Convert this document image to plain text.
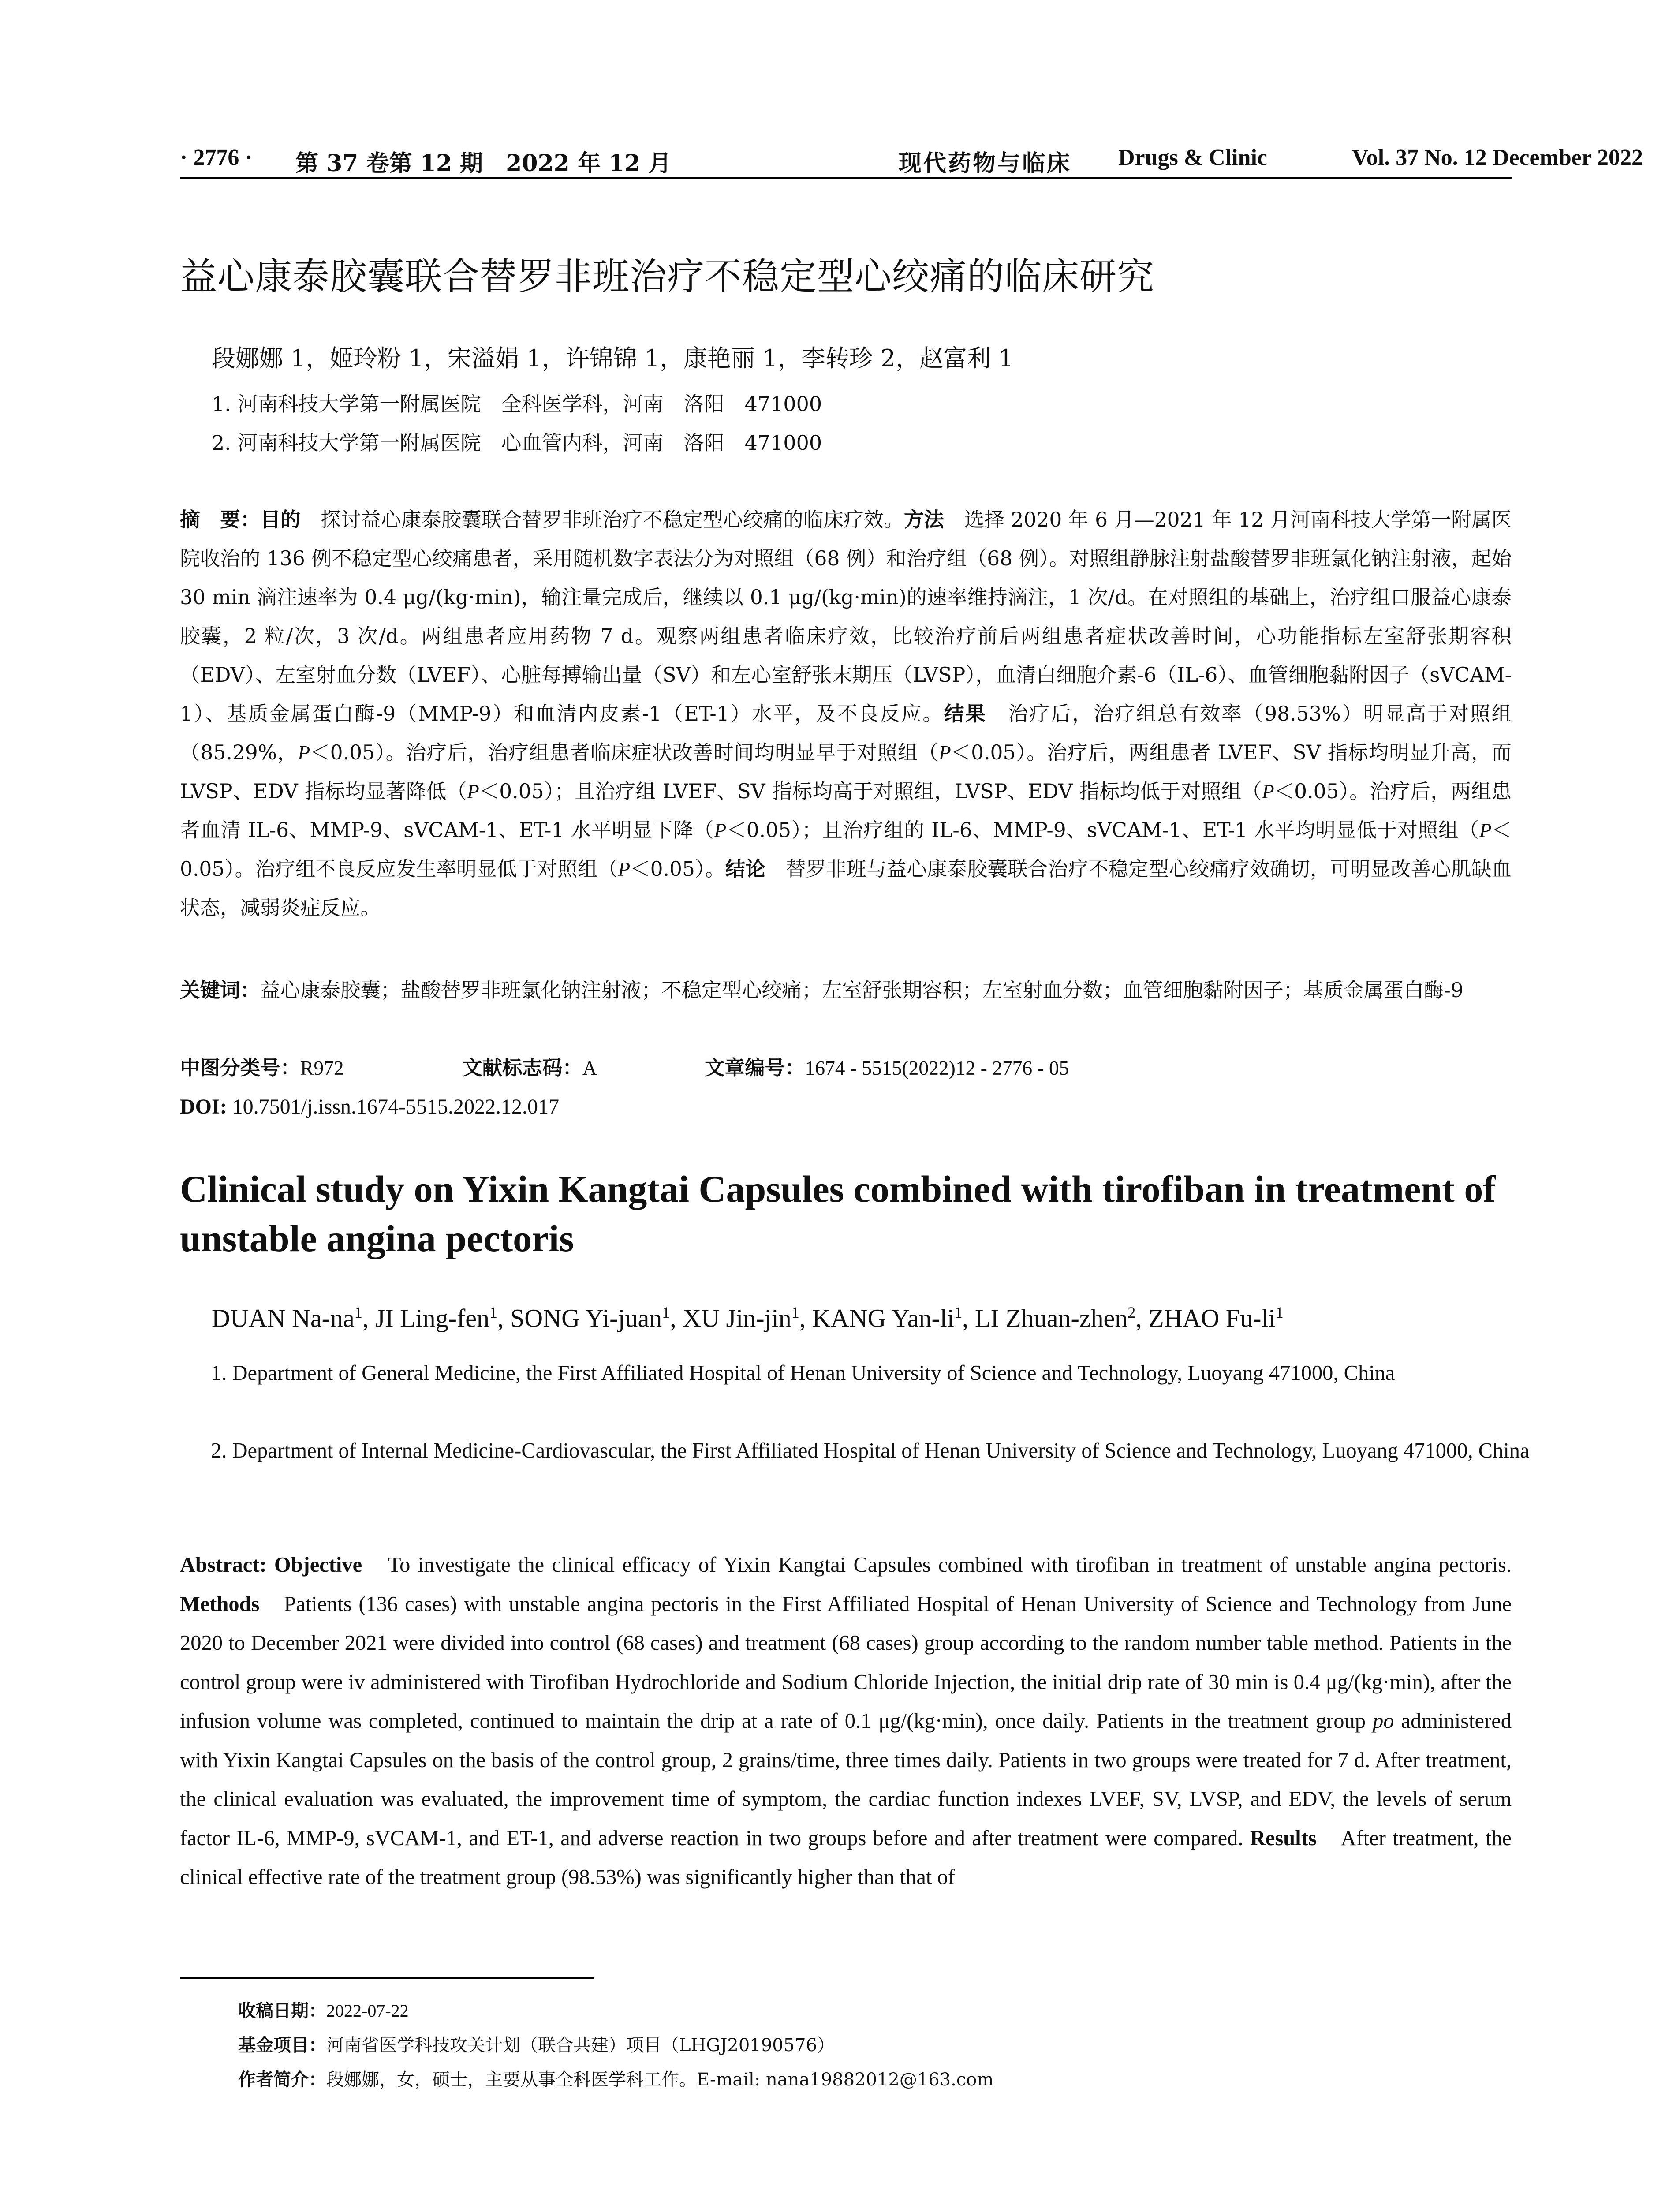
· 2776 · 第 37 卷第 12 期　2022 年 12 月	现代药物与临床 Drugs & Clinic	Vol. 37 No. 12 December 2022
益心康泰胶囊联合替罗非班治疗不稳定型心绞痛的临床研究
段娜娜 1，姬玲粉 1，宋溢娟 1，许锦锦 1，康艳丽 1，李转珍 2，赵富利 1
1. 河南科技大学第一附属医院　全科医学科，河南　洛阳　471000
2. 河南科技大学第一附属医院　心血管内科，河南　洛阳　471000
摘　要：目的　探讨益心康泰胶囊联合替罗非班治疗不稳定型心绞痛的临床疗效。方法　选择 2020 年 6 月—2021 年 12 月河南科技大学第一附属医院收治的 136 例不稳定型心绞痛患者，采用随机数字表法分为对照组（68 例）和治疗组（68 例）。对照组静脉注射盐酸替罗非班氯化钠注射液，起始 30 min 滴注速率为 0.4 μg/(kg·min)，输注量完成后，继续以 0.1 μg/(kg·min)的速率维持滴注，1 次/d。在对照组的基础上，治疗组口服益心康泰胶囊，2 粒/次，3 次/d。两组患者应用药物 7 d。观察两组患者临床疗效，比较治疗前后两组患者症状改善时间，心功能指标左室舒张期容积（EDV）、左室射血分数（LVEF）、心脏每搏输出量（SV）和左心室舒张末期压（LVSP），血清白细胞介素-6（IL-6）、血管细胞黏附因子（sVCAM-1）、基质金属蛋白酶-9（MMP-9）和血清内皮素-1（ET-1）水平，及不良反应。结果　治疗后，治疗组总有效率（98.53%）明显高于对照组（85.29%，P＜0.05）。治疗后，治疗组患者临床症状改善时间均明显早于对照组（P＜0.05）。治疗后，两组患者 LVEF、SV 指标均明显升高，而 LVSP、EDV 指标均显著降低（P＜0.05）；且治疗组 LVEF、SV 指标均高于对照组，LVSP、EDV 指标均低于对照组（P＜0.05）。治疗后，两组患者血清 IL-6、MMP-9、sVCAM-1、ET-1 水平明显下降（P＜0.05）；且治疗组的 IL-6、MMP-9、sVCAM-1、ET-1 水平均明显低于对照组（P＜0.05）。治疗组不良反应发生率明显低于对照组（P＜0.05）。结论　替罗非班与益心康泰胶囊联合治疗不稳定型心绞痛疗效确切，可明显改善心肌缺血状态，减弱炎症反应。
关键词：益心康泰胶囊；盐酸替罗非班氯化钠注射液；不稳定型心绞痛；左室舒张期容积；左室射血分数；血管细胞黏附因子；基质金属蛋白酶-9
中图分类号：R972	文献标志码：A	文章编号：1674 - 5515(2022)12 - 2776 - 05
DOI: 10.7501/j.issn.1674-5515.2022.12.017
Clinical study on Yixin Kangtai Capsules combined with tirofiban in treatment of unstable angina pectoris
DUAN $Na-na^1$, JI Ling-fen$^1$, SONG Yi-juan$^1$, XU Jin-jin$^1$, KANG Yan-$li^1$, LI Zhuan-zhen$^2$, ZHAO $Fu-li^1$
1. Department of General Medicine, the First Affiliated Hospital of Henan University of Science and Technology, Luoyang 471000, China
2. Department of Internal Medicine-Cardiovascular, the First Affiliated Hospital of Henan University of Science and Technology, Luoyang 471000, China
Abstract: Objective　To investigate the clinical efficacy of Yixin Kangtai Capsules combined with tirofiban in treatment of unstable angina pectoris. Methods　Patients (136 cases) with unstable angina pectoris in the First Affiliated Hospital of Henan University of Science and Technology from June 2020 to December 2021 were divided into control (68 cases) and treatment (68 cases) group according to the random number table method. Patients in the control group were iv administered with Tirofiban Hydrochloride and Sodium Chloride Injection, the initial drip rate of 30 min is 0.4 μg/(kg·min), after the infusion volume was completed, continued to maintain the drip at a rate of 0.1 μg/(kg·min), once daily. Patients in the treatment group po administered with Yixin Kangtai Capsules on the basis of the control group, 2 grains/time, three times daily. Patients in two groups were treated for 7 d. After treatment, the clinical evaluation was evaluated, the improvement time of symptom, the cardiac function indexes LVEF, SV, LVSP, and EDV, the levels of serum factor IL-6, MMP-9, sVCAM-1, and ET-1, and adverse reaction in two groups before and after treatment were compared. Results　After treatment, the clinical effective rate of the treatment group (98.53%) was significantly higher than that of
收稿日期：2022-07-22
基金项目：河南省医学科技攻关计划（联合共建）项目（LHGJ20190576）
作者简介：段娜娜，女，硕士，主要从事全科医学科工作。E-mail: nana19882012@163.com
